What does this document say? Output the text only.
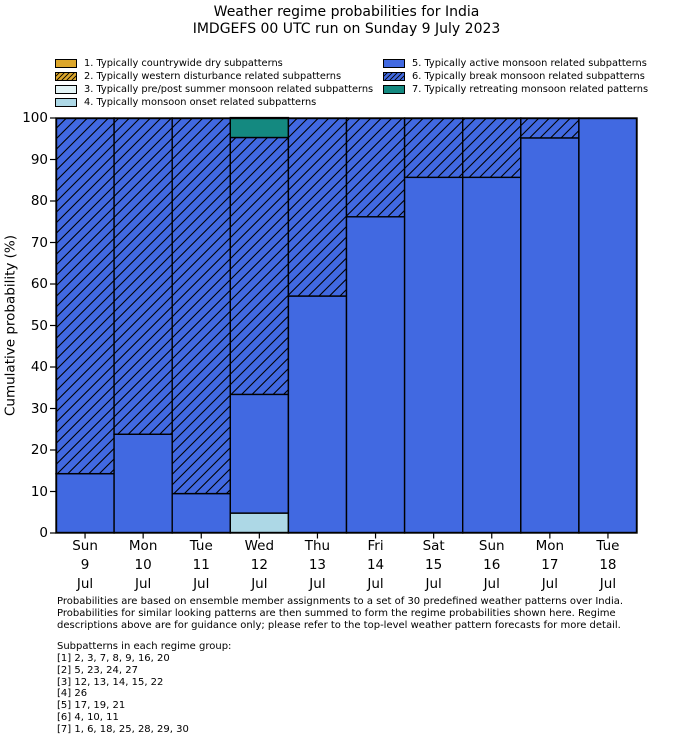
Weather regime probabilities for India
IMDGEFS 00 UTC run on Sunday 9 July 2023
Cumulative probability (%)
Subpatterns in each regime group:
0
10
20
30
40
50
60
70
80
90
100
Sun
9
Jul
Mon
10
Jul
Tue
11
Jul
Wed
12
Jul
Thu
13
Jul
Fri
14
Jul
Sat
15
Jul
Sun
16
Jul
Mon
17
Jul
Tue
18
Jul
1. Typically countrywide dry subpatterns
2. Typically western disturbance related subpatterns
3. Typically pre/post summer monsoon related subpatterns
4. Typically monsoon onset related subpatterns
5. Typically active monsoon related subpatterns
6. Typically break monsoon related subpatterns
7. Typically retreating monsoon related patterns
Probabilities are based on ensemble member assignments to a set of 30 predefined weather patterns over India.
Probabilities for similar looking patterns are then summed to form the regime probabilities shown here. Regime
descriptions above are for guidance only; please refer to the top-level weather pattern forecasts for more detail.
[1] 2, 3, 7, 8, 9, 16, 20
[2] 5, 23, 24, 27
[3] 12, 13, 14, 15, 22
[4] 26
[5] 17, 19, 21
[6] 4, 10, 11
[7] 1, 6, 18, 25, 28, 29, 30
